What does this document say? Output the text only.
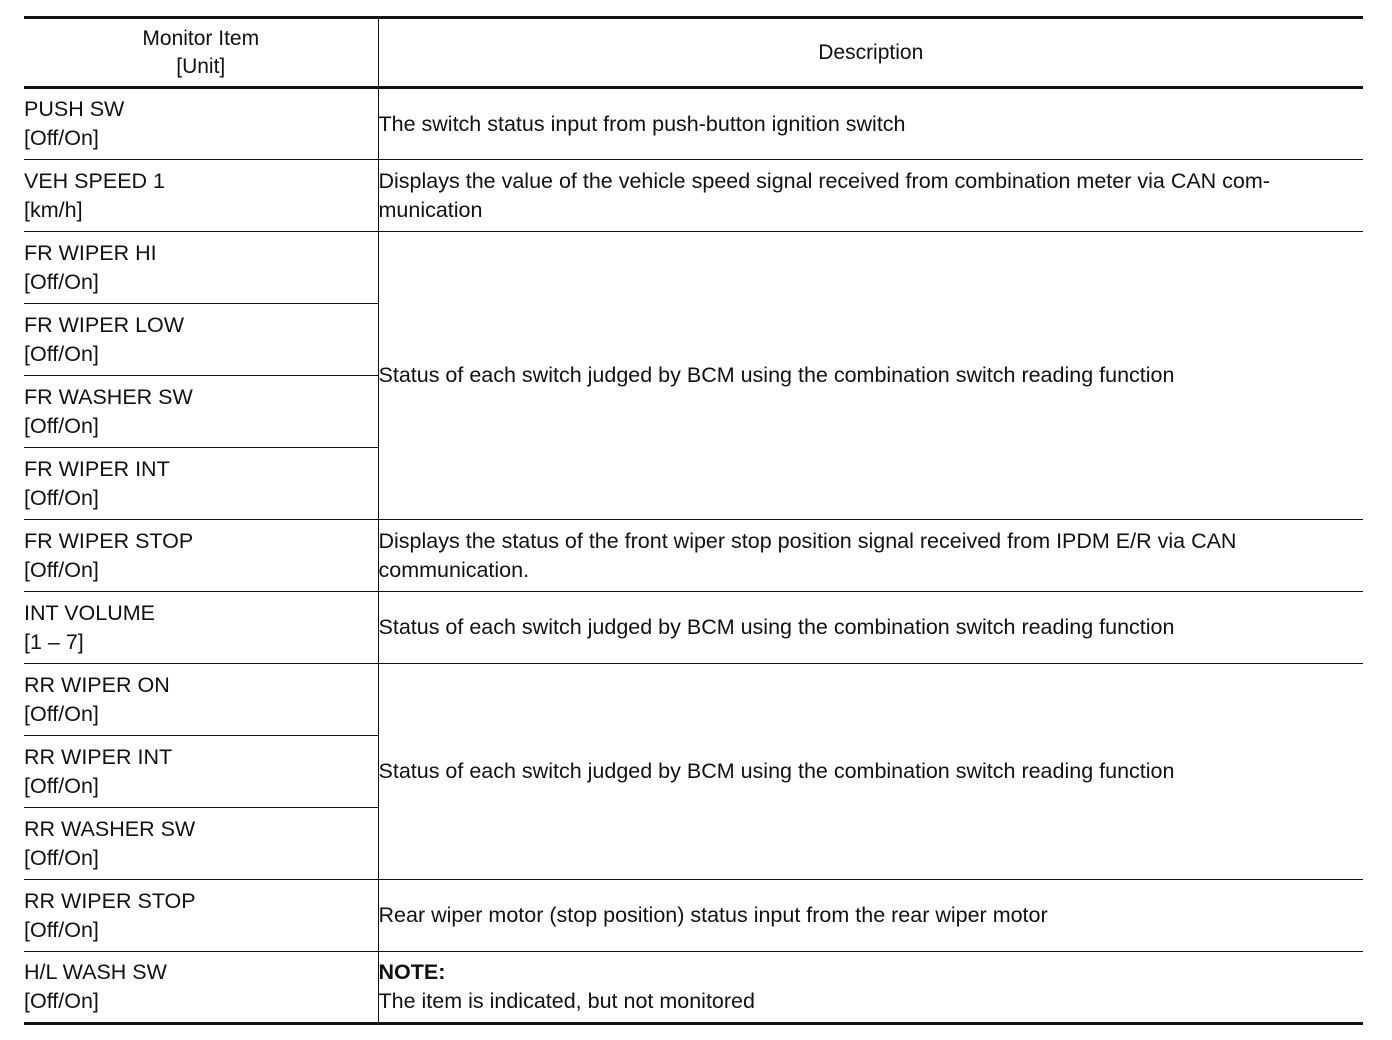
Monitor Item
[Unit]	Description

PUSH SW
[Off/On]	The switch status input from push-button ignition switch

VEH SPEED 1
[km/h]	Displays the value of the vehicle speed signal received from combination meter via CAN com-
munication

FR WIPER HI
[Off/On]	Status of each switch judged by BCM using the combination switch reading function

FR WIPER LOW
[Off/On]	

FR WASHER SW
[Off/On]	

FR WIPER INT
[Off/On]	

FR WIPER STOP
[Off/On]	Displays the status of the front wiper stop position signal received from IPDM E/R via CAN
communication.

INT VOLUME
[1 – 7]	Status of each switch judged by BCM using the combination switch reading function

RR WIPER ON
[Off/On]	Status of each switch judged by BCM using the combination switch reading function

RR WIPER INT
[Off/On]	

RR WASHER SW
[Off/On]	

RR WIPER STOP
[Off/On]	Rear wiper motor (stop position) status input from the rear wiper motor

H/L WASH SW
[Off/On]	NOTE:
The item is indicated, but not monitored
